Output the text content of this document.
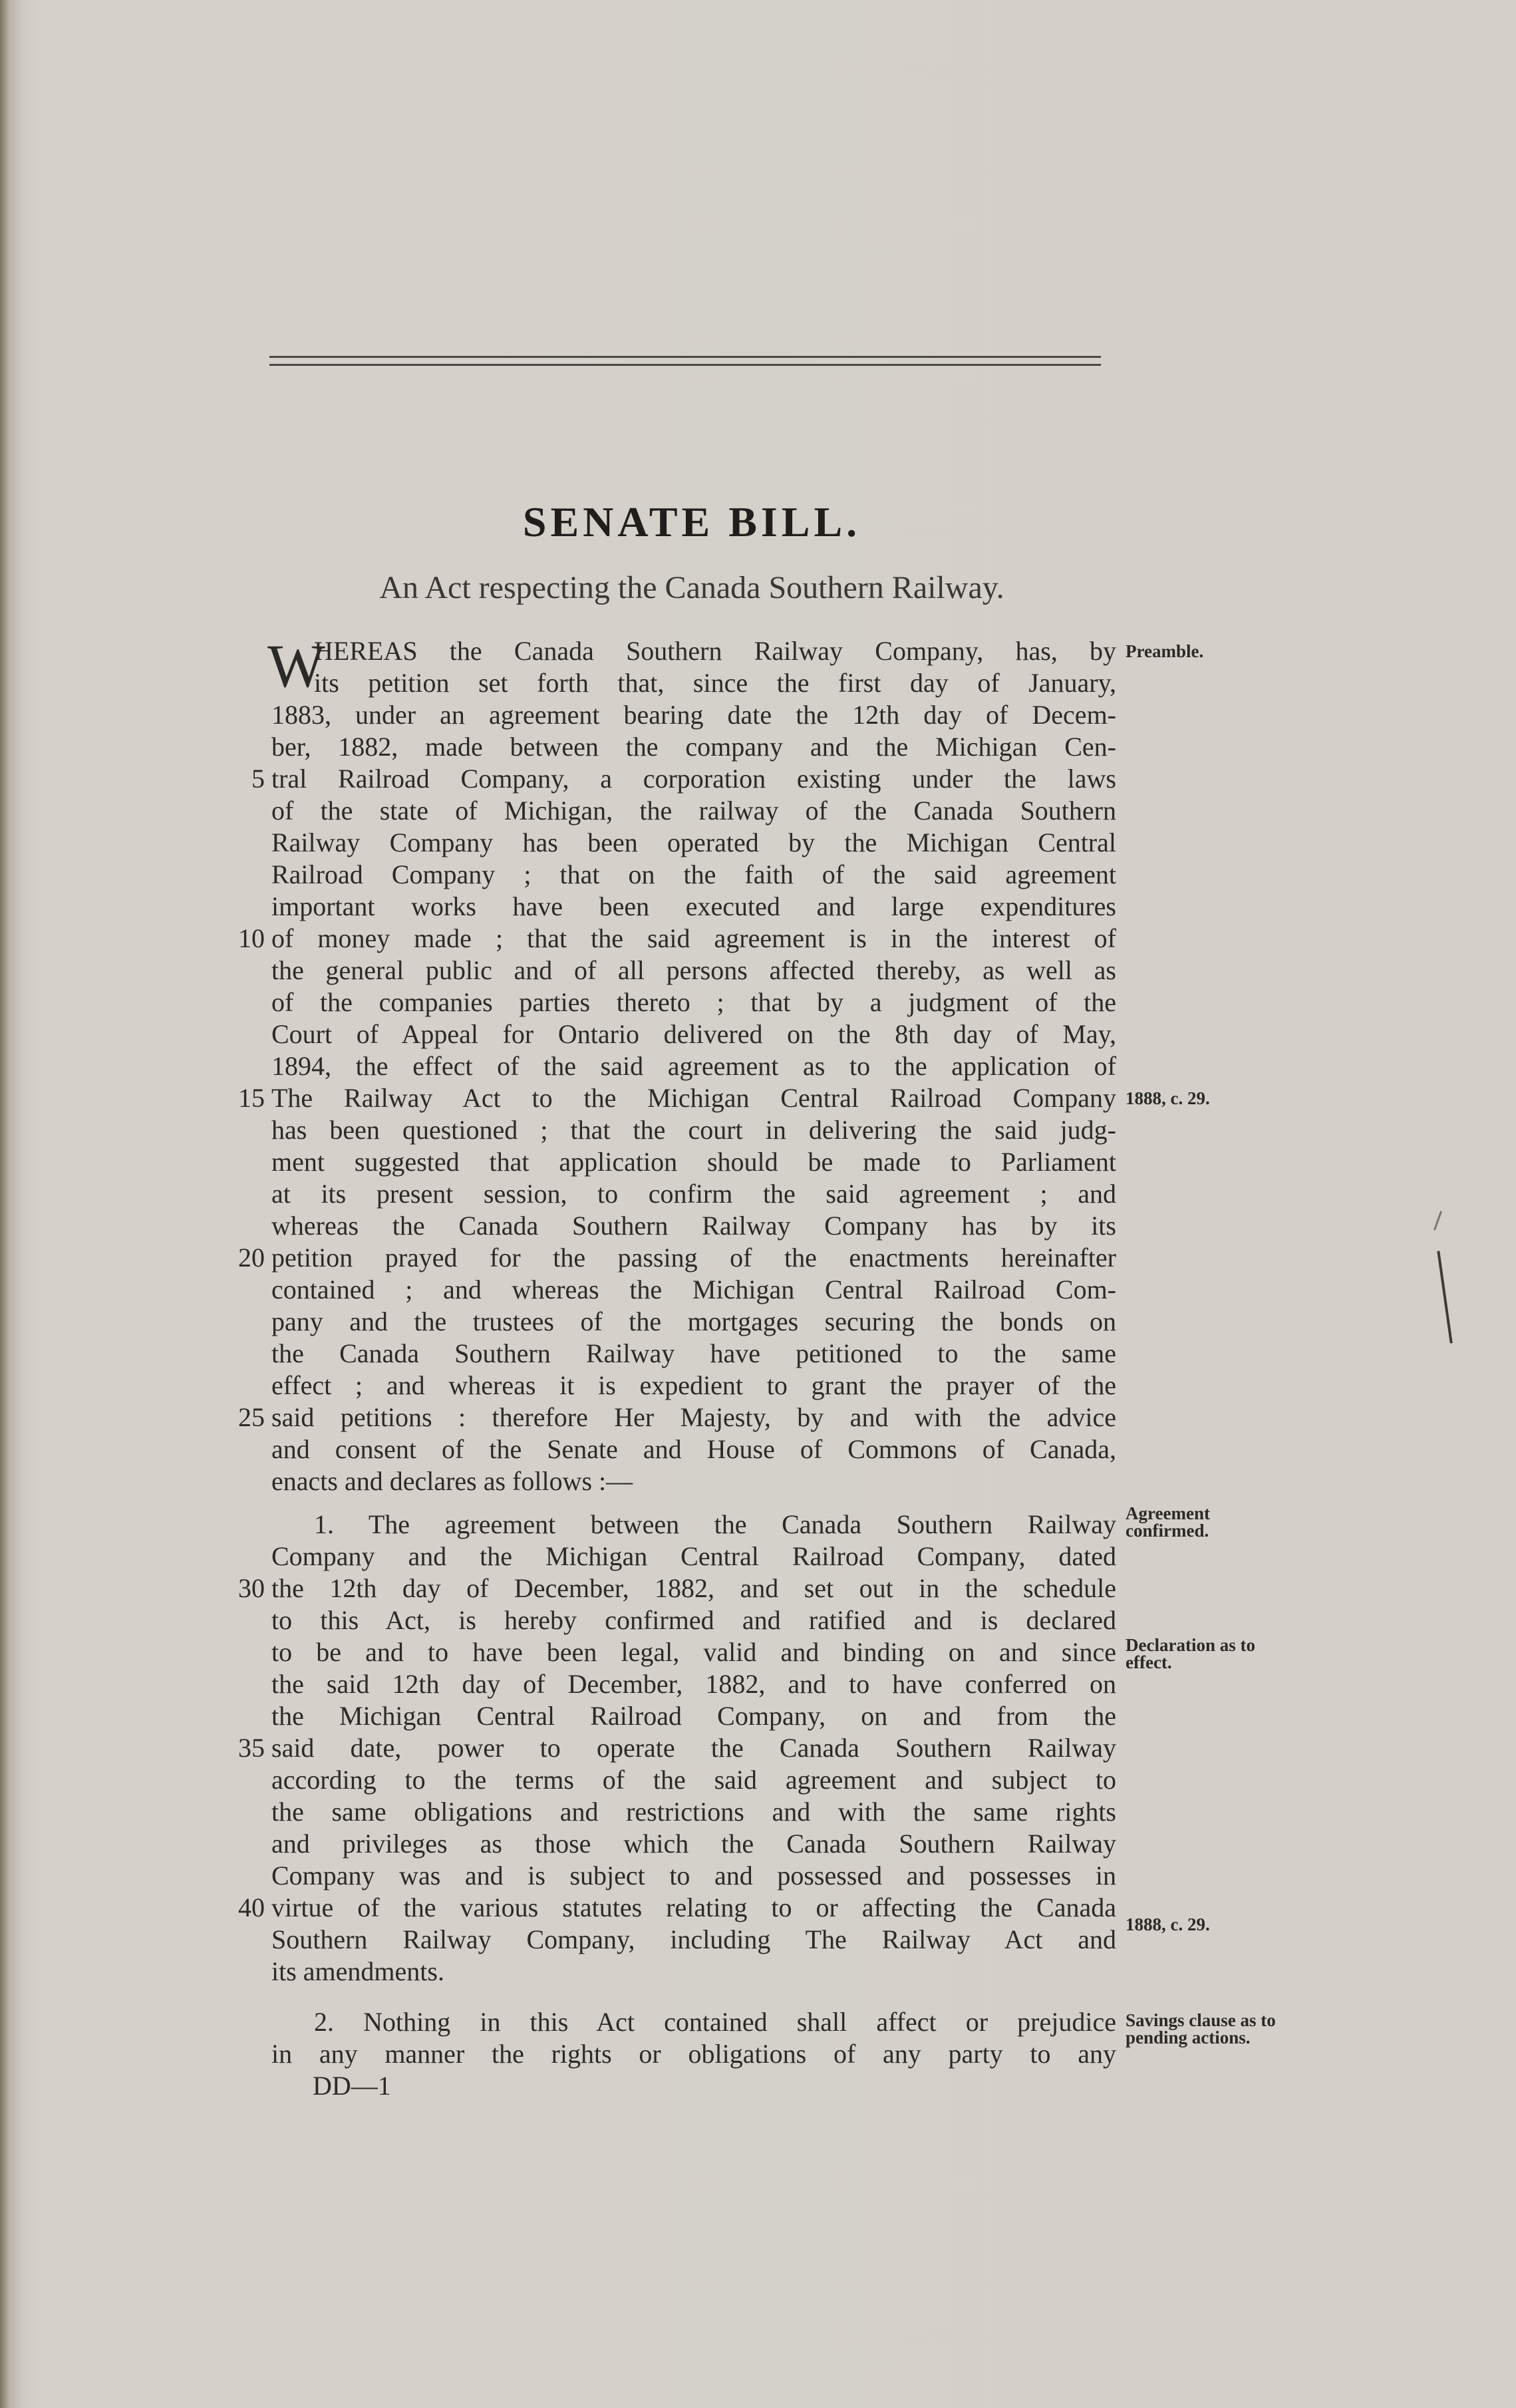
SENATE BILL.
An Act respecting the Canada Southern Railway.
W
HEREAS the Canada Southern Railway Company, has, by
its petition set forth that, since the first day of January,
1883, under an agreement bearing date the 12th day of Decem-
ber, 1882, made between the company and the Michigan Cen-
tral Railroad Company, a corporation existing under the laws
of the state of Michigan, the railway of the Canada Southern
Railway Company has been operated by the Michigan Central
Railroad Company ; that on the faith of the said agreement
important works have been executed and large expenditures
of money made ; that the said agreement is in the interest of
the general public and of all persons affected thereby, as well as
of the companies parties thereto ; that by a judgment of the
Court of Appeal for Ontario delivered on the 8th day of May,
1894, the effect of the said agreement as to the application of
The Railway Act to the Michigan Central Railroad Company
has been questioned ; that the court in delivering the said judg-
ment suggested that application should be made to Parliament
at its present session, to confirm the said agreement ; and
whereas the Canada Southern Railway Company has by its
petition prayed for the passing of the enactments hereinafter
contained ; and whereas the Michigan Central Railroad Com-
pany and the trustees of the mortgages securing the bonds on
the Canada Southern Railway have petitioned to the same
effect ; and whereas it is expedient to grant the prayer of the
said petitions : therefore Her Majesty, by and with the advice
and consent of the Senate and House of Commons of Canada,
enacts and declares as follows :—
1. The agreement between the Canada Southern Railway
Company and the Michigan Central Railroad Company, dated
the 12th day of December, 1882, and set out in the schedule
to this Act, is hereby confirmed and ratified and is declared
to be and to have been legal, valid and binding on and since
the said 12th day of December, 1882, and to have conferred on
the Michigan Central Railroad Company, on and from the
said date, power to operate the Canada Southern Railway
according to the terms of the said agreement and subject to
the same obligations and restrictions and with the same rights
and privileges as those which the Canada Southern Railway
Company was and is subject to and possessed and possesses in
virtue of the various statutes relating to or affecting the Canada
Southern Railway Company, including The Railway Act and
its amendments.
2. Nothing in this Act contained shall affect or prejudice
in any manner the rights or obligations of any party to any
5
10
15
20
25
30
35
40
Preamble.
1888, c. 29.
Agreement confirmed.
Declaration as to effect.
1888, c. 29.
Savings clause as to pending actions.
DD—1
